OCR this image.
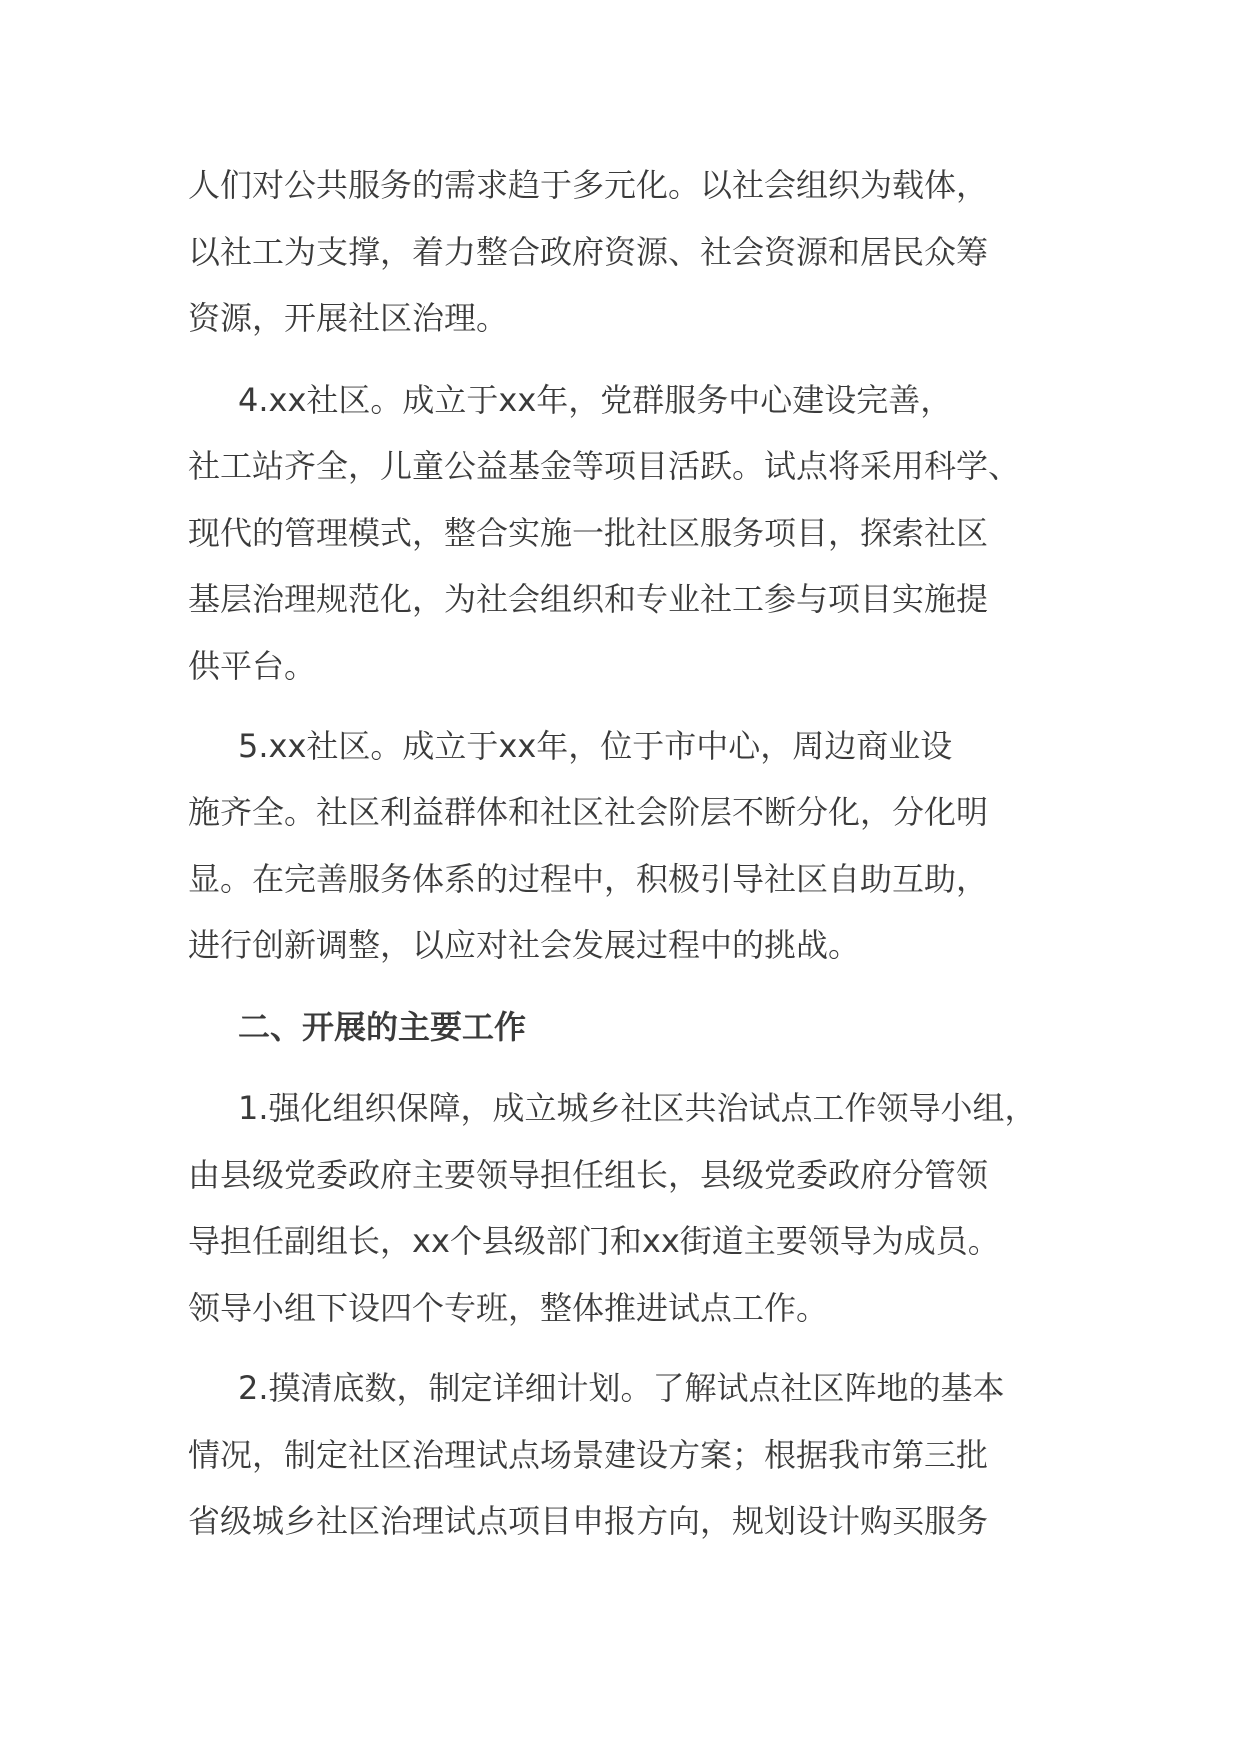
人们对公共服务的需求趋于多元化。以社会组织为载体，
以社工为支撑，着力整合政府资源、社会资源和居民众筹
资源，开展社区治理。
4.xx社区。成立于xx年，党群服务中心建设完善，
社工站齐全，儿童公益基金等项目活跃。试点将采用科学、
现代的管理模式，整合实施一批社区服务项目，探索社区
基层治理规范化，为社会组织和专业社工参与项目实施提
供平台。
5.xx社区。成立于xx年，位于市中心，周边商业设
施齐全。社区利益群体和社区社会阶层不断分化，分化明
显。在完善服务体系的过程中，积极引导社区自助互助，
进行创新调整，以应对社会发展过程中的挑战。
二、开展的主要工作
1.强化组织保障，成立城乡社区共治试点工作领导小组，
由县级党委政府主要领导担任组长，县级党委政府分管领
导担任副组长，xx个县级部门和xx街道主要领导为成员。
领导小组下设四个专班，整体推进试点工作。
2.摸清底数，制定详细计划。了解试点社区阵地的基本
情况，制定社区治理试点场景建设方案；根据我市第三批
省级城乡社区治理试点项目申报方向，规划设计购买服务
